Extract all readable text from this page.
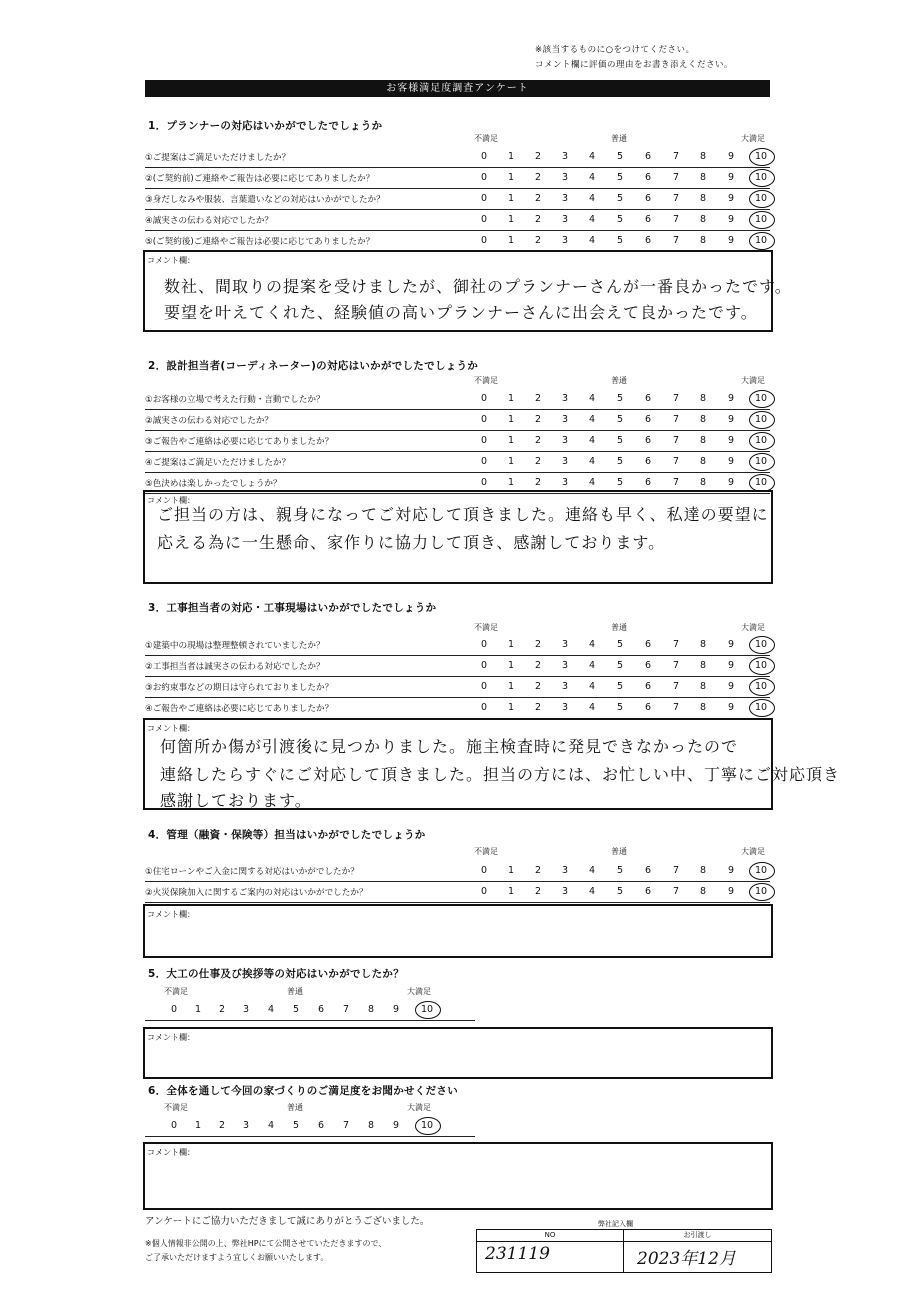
※該当するものに○をつけてください。
コメント欄に評価の理由をお書き添えください。
お客様満足度調査アンケート
1．プランナーの対応はいかがでしたでしょうか
不満足	普通	大満足
①ご提案はご満足いただけましたか？	0	1	2	3	4	5	6	7	8	9	10
②(ご契約前)ご連絡やご報告は必要に応じてありましたか？	0	1	2	3	4	5	6	7	8	9	10
③身だしなみや服装、言葉遣いなどの対応はいかがでしたか？	0	1	2	3	4	5	6	7	8	9	10
④誠実さの伝わる対応でしたか？	0	1	2	3	4	5	6	7	8	9	10
⑤(ご契約後)ご連絡やご報告は必要に応じてありましたか？	0	1	2	3	4	5	6	7	8	9	10
コメント欄：
数社、間取りの提案を受けましたが、御社のプランナーさんが一番良かったです。
要望を叶えてくれた、経験値の高いプランナーさんに出会えて良かったです。
2．設計担当者(コーディネーター)の対応はいかがでしたでしょうか
不満足	普通	大満足
①お客様の立場で考えた行動・言動でしたか？	0	1	2	3	4	5	6	7	8	9	10
②誠実さの伝わる対応でしたか？	0	1	2	3	4	5	6	7	8	9	10
③ご報告やご連絡は必要に応じてありましたか？	0	1	2	3	4	5	6	7	8	9	10
④ご提案はご満足いただけましたか？	0	1	2	3	4	5	6	7	8	9	10
⑤色決めは楽しかったでしょうか？	0	1	2	3	4	5	6	7	8	9	10
コメント欄：
ご担当の方は、親身になってご対応して頂きました。連絡も早く、私達の要望に
応える為に一生懸命、家作りに協力して頂き、感謝しております。
3．工事担当者の対応・工事現場はいかがでしたでしょうか
不満足	普通	大満足
①建築中の現場は整理整頓されていましたか？	0	1	2	3	4	5	6	7	8	9	10
②工事担当者は誠実さの伝わる対応でしたか？	0	1	2	3	4	5	6	7	8	9	10
③お約束事などの期日は守られておりましたか？	0	1	2	3	4	5	6	7	8	9	10
④ご報告やご連絡は必要に応じてありましたか？	0	1	2	3	4	5	6	7	8	9	10
コメント欄：
何箇所か傷が引渡後に見つかりました。施主検査時に発見できなかったので
連絡したらすぐにご対応して頂きました。担当の方には、お忙しい中、丁寧にご対応頂き
感謝しております。
4．管理（融資・保険等）担当はいかがでしたでしょうか
不満足	普通	大満足
①住宅ローンやご入金に関する対応はいかがでしたか？	0	1	2	3	4	5	6	7	8	9	10
②火災保険加入に関するご案内の対応はいかがでしたか？	0	1	2	3	4	5	6	7	8	9	10
コメント欄：
5．大工の仕事及び挨拶等の対応はいかがでしたか？
不満足	普通	大満足
0	1	2	3	4	5	6	7	8	9	10
コメント欄：
6．全体を通して今回の家づくりのご満足度をお聞かせください
不満足	普通	大満足
0	1	2	3	4	5	6	7	8	9	10
コメント欄：
アンケートにご協力いただきまして誠にありがとうございました。
※個人情報非公開の上、弊社HPにて公開させていただきますので、
ご了承いただけますよう宜しくお願いいたします。
弊社記入欄
NO	お引渡し
231119	2023年12月
